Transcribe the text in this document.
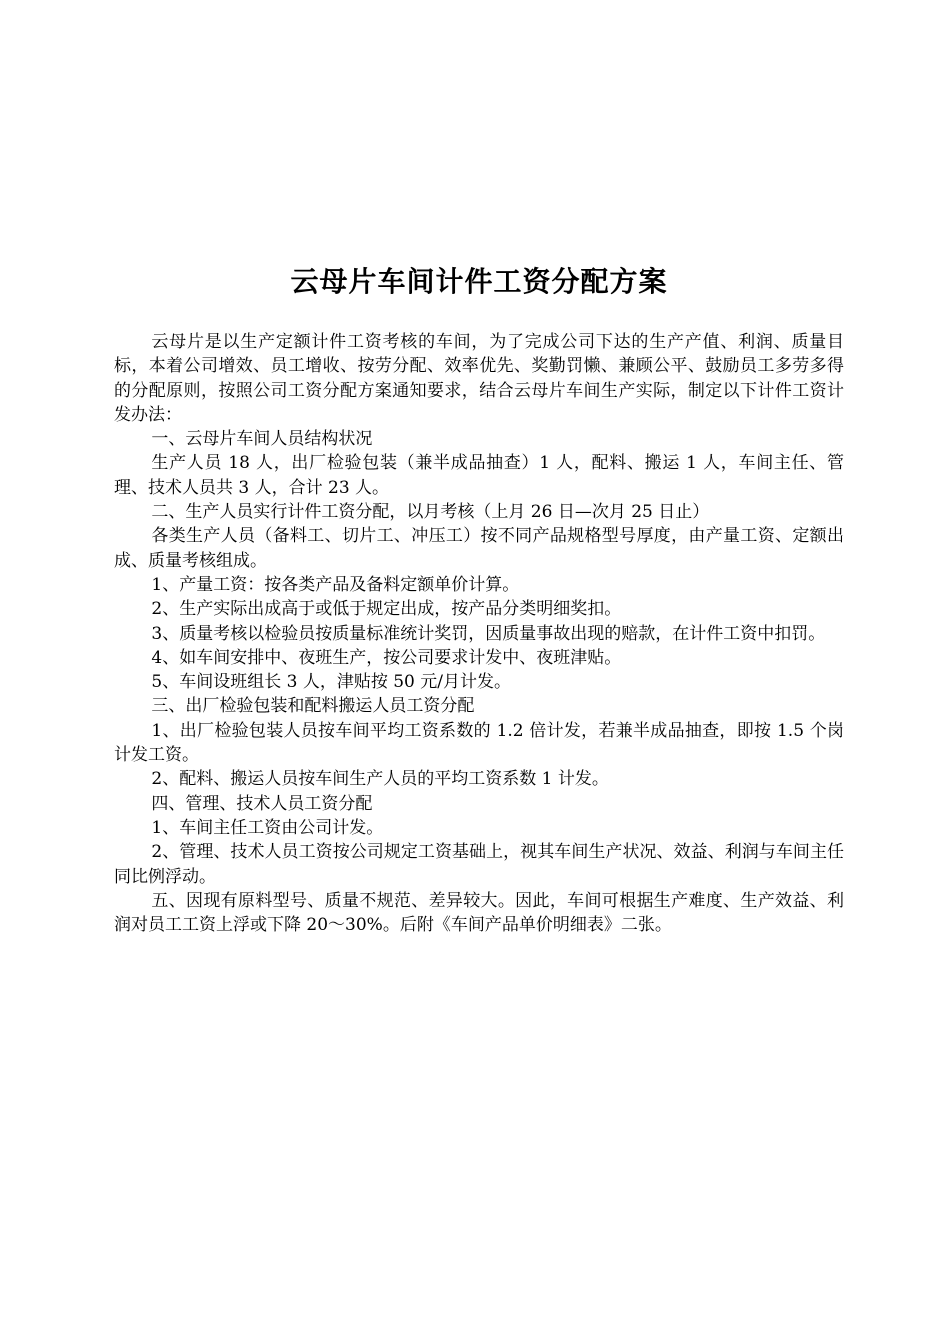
云母片车间计件工资分配方案

云母片是以生产定额计件工资考核的车间，为了完成公司下达的生产产值、利润、质量目标，本着公司增效、员工增收、按劳分配、效率优先、奖勤罚懒、兼顾公平、鼓励员工多劳多得的分配原则，按照公司工资分配方案通知要求，结合云母片车间生产实际，制定以下计件工资计发办法：

一、云母片车间人员结构状况

生产人员 18 人，出厂检验包装（兼半成品抽查）1 人，配料、搬运 1 人，车间主任、管理、技术人员共 3 人，合计 23 人。

二、生产人员实行计件工资分配，以月考核（上月 26 日—次月 25 日止）

各类生产人员（备料工、切片工、冲压工）按不同产品规格型号厚度，由产量工资、定额出成、质量考核组成。

1、产量工资：按各类产品及备料定额单价计算。

2、生产实际出成高于或低于规定出成，按产品分类明细奖扣。

3、质量考核以检验员按质量标准统计奖罚，因质量事故出现的赔款，在计件工资中扣罚。

4、如车间安排中、夜班生产，按公司要求计发中、夜班津贴。

5、车间设班组长 3 人，津贴按 50 元/月计发。

三、出厂检验包装和配料搬运人员工资分配

1、出厂检验包装人员按车间平均工资系数的 1.2 倍计发，若兼半成品抽查，即按 1.5 个岗计发工资。

2、配料、搬运人员按车间生产人员的平均工资系数 1 计发。

四、管理、技术人员工资分配

1、车间主任工资由公司计发。

2、管理、技术人员工资按公司规定工资基础上，视其车间生产状况、效益、利润与车间主任同比例浮动。

五、因现有原料型号、质量不规范、差异较大。因此，车间可根据生产难度、生产效益、利润对员工工资上浮或下降 20～30%。后附《车间产品单价明细表》二张。
